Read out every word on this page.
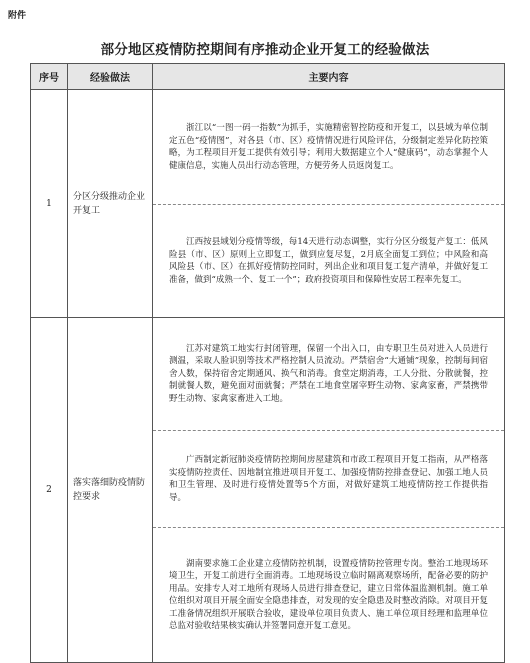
附件
部分地区疫情防控期间有序推动企业开复工的经验做法
序号	经验做法	主要内容
1	分区分级推动企业开复工	浙江以“一图一码一指数”为抓手，实施精密智控防疫和开复工，以县域为单位制定五色“疫情图”，对各县（市、区）疫情情况进行风险评估，分级制定差异化防控策略，为工程项目开复工提供有效引导；利用大数据建立个人“健康码”，动态掌握个人健康信息，实施人员出行动态管理，方便劳务人员返岗复工。

江西按县域划分疫情等级，每14天进行动态调整，实行分区分级复产复工：低风险县（市、区）原则上立即复工，做到应复尽复，2月底全面复工到位；中风险和高风险县（市、区）在抓好疫情防控同时，列出企业和项目复工复产清单，并做好复工准备，做到“成熟一个、复工一个”；政府投资项目和保障性安居工程率先复工。

2	落实落细防疫情防控要求	江苏对建筑工地实行封闭管理，保留一个出入口，由专职卫生员对进入人员进行测温，采取人脸识别等技术严格控制人员流动。严禁宿舍“大通铺”现象，控制每间宿舍人数，保持宿舍定期通风、换气和消毒。食堂定期消毒，工人分批、分散就餐，控制就餐人数，避免面对面就餐；严禁在工地食堂屠宰野生动物、家禽家畜，严禁携带野生动物、家禽家畜进入工地。

广西制定新冠肺炎疫情防控期间房屋建筑和市政工程项目开复工指南，从严格落实疫情防控责任、因地制宜推进项目开复工、加强疫情防控排查登记、加强工地人员和卫生管理、及时进行疫情处置等5个方面，对做好建筑工地疫情防控工作提供指导。

湖南要求施工企业建立疫情防控机制，设置疫情防控管理专岗。整治工地现场环境卫生，开复工前进行全面消毒。工地现场设立临时隔离观察场所，配备必要的防护用品。安排专人对工地所有现场人员进行排查登记，建立日常体温监测机制。施工单位组织对项目开展全面安全隐患排查，对发现的安全隐患及时整改消除。对项目开复工准备情况组织开展联合验收，建设单位项目负责人、施工单位项目经理和监理单位总监对验收结果核实确认并签署同意开复工意见。
